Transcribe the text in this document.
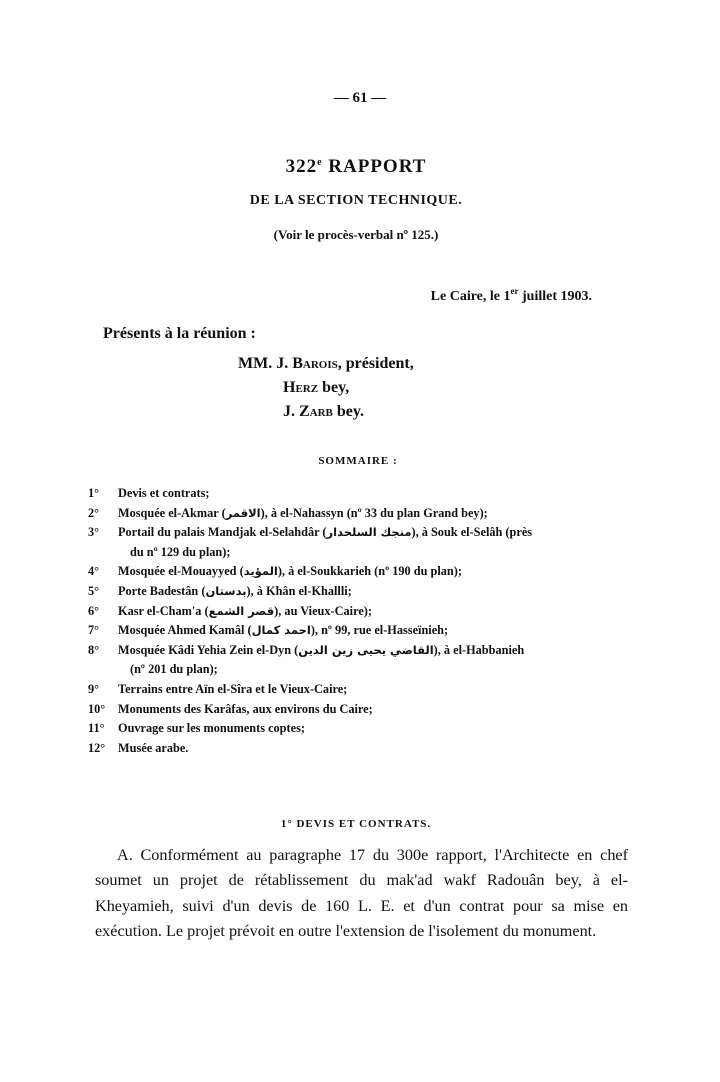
— 61 —
322e RAPPORT
DE LA SECTION TECHNIQUE.
(Voir le procès-verbal nº 125.)
Le Caire, le 1er juillet 1903.
Présents à la réunion :
MM. J. Barois, président,
Herz bey,
J. Zarb bey.
SOMMAIRE :
1° Devis et contrats;
2° Mosquée el-Akmar (الاقمر), à el-Nahassyn (nº 33 du plan Grand bey);
3° Portail du palais Mandjak el-Selahdâr (منجك السلحدار), à Souk el-Selâh (près
du nº 129 du plan);
4° Mosquée el-Mouayyed (المؤيد), à el-Soukkarieh (nº 190 du plan);
5° Porte Badestân (بدستان), à Khân el-Khallli;
6° Kasr el-Cham'a (قصر الشمع), au Vieux-Caire);
7° Mosquée Ahmed Kamâl (احمد كمال), nº 99, rue el-Hasseïnieh;
8° Mosquée Kâdi Yehia Zein el-Dyn (القاضي يحيى زين الدين), à el-Habbanieh
(nº 201 du plan);
9° Terrains entre Aïn el-Sîra et le Vieux-Caire;
10° Monuments des Karâfas, aux environs du Caire;
11° Ouvrage sur les monuments coptes;
12° Musée arabe.
1° DEVIS ET CONTRATS.
A. Conformément au paragraphe 17 du 300e rapport, l'Architecte en chef soumet un projet de rétablissement du mak'ad wakf Radouân bey, à el-Kheyamieh, suivi d'un devis de 160 L. E. et d'un contrat pour sa mise en exécution. Le projet prévoit en outre l'extension de l'isolement du monument.
